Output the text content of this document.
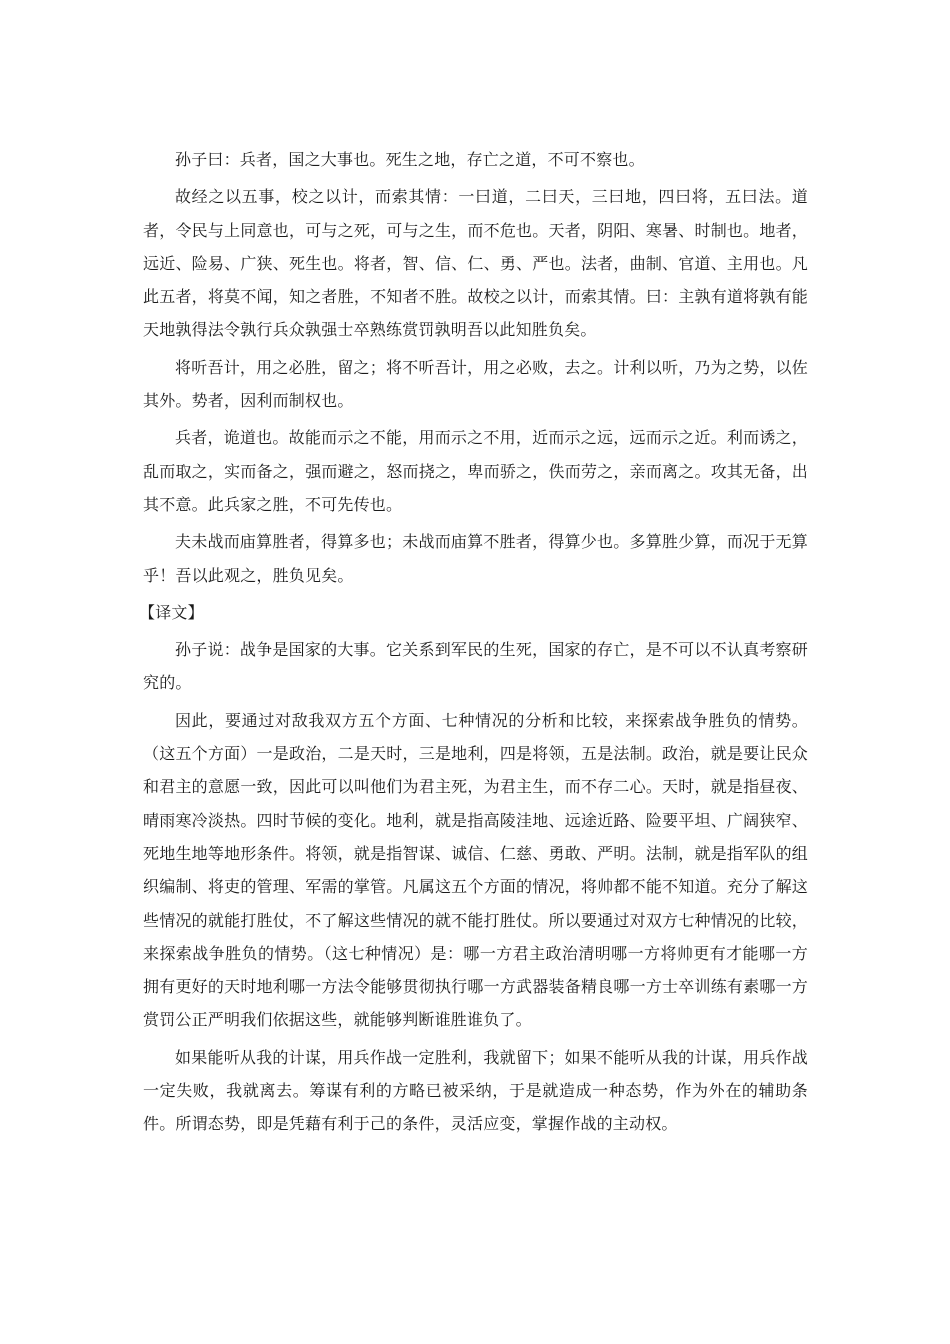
孙子曰：兵者，国之大事也。死生之地，存亡之道，不可不察也。

故经之以五事，校之以计，而索其情：一曰道，二曰天，三曰地，四曰将，五曰法。道者，令民与上同意也，可与之死，可与之生，而不危也。天者，阴阳、寒暑、时制也。地者，远近、险易、广狭、死生也。将者，智、信、仁、勇、严也。法者，曲制、官道、主用也。凡此五者，将莫不闻，知之者胜，不知者不胜。故校之以计，而索其情。曰：主孰有道将孰有能天地孰得法令孰行兵众孰强士卒熟练赏罚孰明吾以此知胜负矣。

将听吾计，用之必胜，留之；将不听吾计，用之必败，去之。计利以听，乃为之势，以佐其外。势者，因利而制权也。

兵者，诡道也。故能而示之不能，用而示之不用，近而示之远，远而示之近。利而诱之，乱而取之，实而备之，强而避之，怒而挠之，卑而骄之，佚而劳之，亲而离之。攻其无备，出其不意。此兵家之胜，不可先传也。

夫未战而庙算胜者，得算多也；未战而庙算不胜者，得算少也。多算胜少算，而况于无算乎！吾以此观之，胜负见矣。

【译文】

孙子说：战争是国家的大事。它关系到军民的生死，国家的存亡，是不可以不认真考察研究的。

因此，要通过对敌我双方五个方面、七种情况的分析和比较，来探索战争胜负的情势。（这五个方面）一是政治，二是天时，三是地利，四是将领，五是法制。政治，就是要让民众和君主的意愿一致，因此可以叫他们为君主死，为君主生，而不存二心。天时，就是指昼夜、晴雨寒冷淡热。四时节候的变化。地利，就是指高陵洼地、远途近路、险要平坦、广阔狭窄、死地生地等地形条件。将领，就是指智谋、诚信、仁慈、勇敢、严明。法制，就是指军队的组织编制、将吏的管理、军需的掌管。凡属这五个方面的情况，将帅都不能不知道。充分了解这些情况的就能打胜仗，不了解这些情况的就不能打胜仗。所以要通过对双方七种情况的比较，来探索战争胜负的情势。（这七种情况）是：哪一方君主政治清明哪一方将帅更有才能哪一方拥有更好的天时地利哪一方法令能够贯彻执行哪一方武器装备精良哪一方士卒训练有素哪一方赏罚公正严明我们依据这些，就能够判断谁胜谁负了。

如果能听从我的计谋，用兵作战一定胜利，我就留下；如果不能听从我的计谋，用兵作战一定失败，我就离去。筹谋有利的方略已被采纳，于是就造成一种态势，作为外在的辅助条件。所谓态势，即是凭藉有利于己的条件，灵活应变，掌握作战的主动权。
